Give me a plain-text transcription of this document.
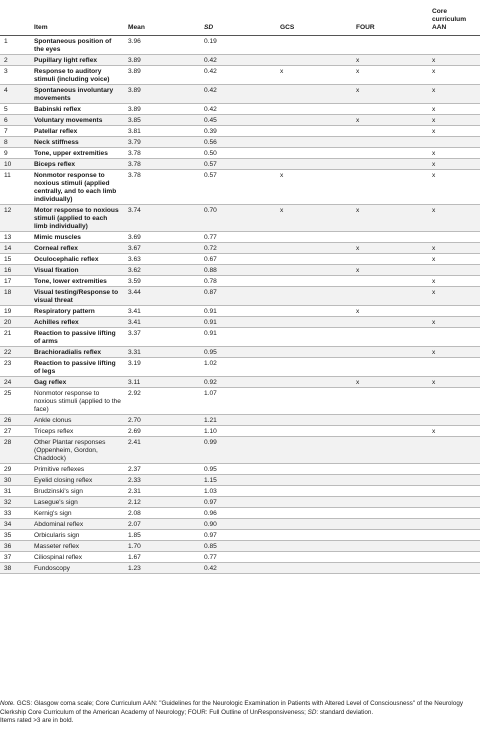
	Item	Mean	SD	GCS	FOUR	Core curriculum AAN
1	Spontaneous position of the eyes	3.96	0.19			
2	Pupillary light reflex	3.89	0.42		x	x
3	Response to auditory stimuli (including voice)	3.89	0.42	x	x	x
4	Spontaneous involuntary movements	3.89	0.42		x	x
5	Babinski reflex	3.89	0.42			x
6	Voluntary movements	3.85	0.45		x	x
7	Patellar reflex	3.81	0.39			x
8	Neck stiffness	3.79	0.56			
9	Tone, upper extremities	3.78	0.50			x
10	Biceps reflex	3.78	0.57			x
11	Nonmotor response to noxious stimuli (applied centrally, and to each limb individually)	3.78	0.57	x		x
12	Motor response to noxious stimuli (applied to each limb individually)	3.74	0.70	x	x	x
13	Mimic muscles	3.69	0.77			
14	Corneal reflex	3.67	0.72		x	x
15	Oculocephalic reflex	3.63	0.67			x
16	Visual fixation	3.62	0.88		x	
17	Tone, lower extremities	3.59	0.78			x
18	Visual testing/Response to visual threat	3.44	0.87			x
19	Respiratory pattern	3.41	0.91		x	
20	Achilles reflex	3.41	0.91			x
21	Reaction to passive lifting of arms	3.37	0.91			
22	Brachioradialis reflex	3.31	0.95			x
23	Reaction to passive lifting of legs	3.19	1.02			
24	Gag reflex	3.11	0.92		x	x
25	Nonmotor response to noxious stimuli (applied to the face)	2.92	1.07			
26	Ankle clonus	2.70	1.21			
27	Triceps reflex	2.69	1.10			x
28	Other Plantar responses (Oppenheim, Gordon, Chaddock)	2.41	0.99			
29	Primitive reflexes	2.37	0.95			
30	Eyelid closing reflex	2.33	1.15			
31	Brudzinski's sign	2.31	1.03			
32	Lasegue's sign	2.12	0.97			
33	Kernig's sign	2.08	0.96			
34	Abdominal reflex	2.07	0.90			
35	Orbicularis sign	1.85	0.97			
36	Masseter reflex	1.70	0.85			
37	Ciliospinal reflex	1.67	0.77			
38	Fundoscopy	1.23	0.42			
Note. GCS: Glasgow coma scale; Core Curriculum AAN: "Guidelines for the Neurologic Examination in Patients with Altered Level of Consciousness" of the Neurology Clerkship Core Curriculum of the American Academy of Neurology; FOUR: Full Outline of UnResponsiveness; SD: standard deviation.
Items rated >3 are in bold.
